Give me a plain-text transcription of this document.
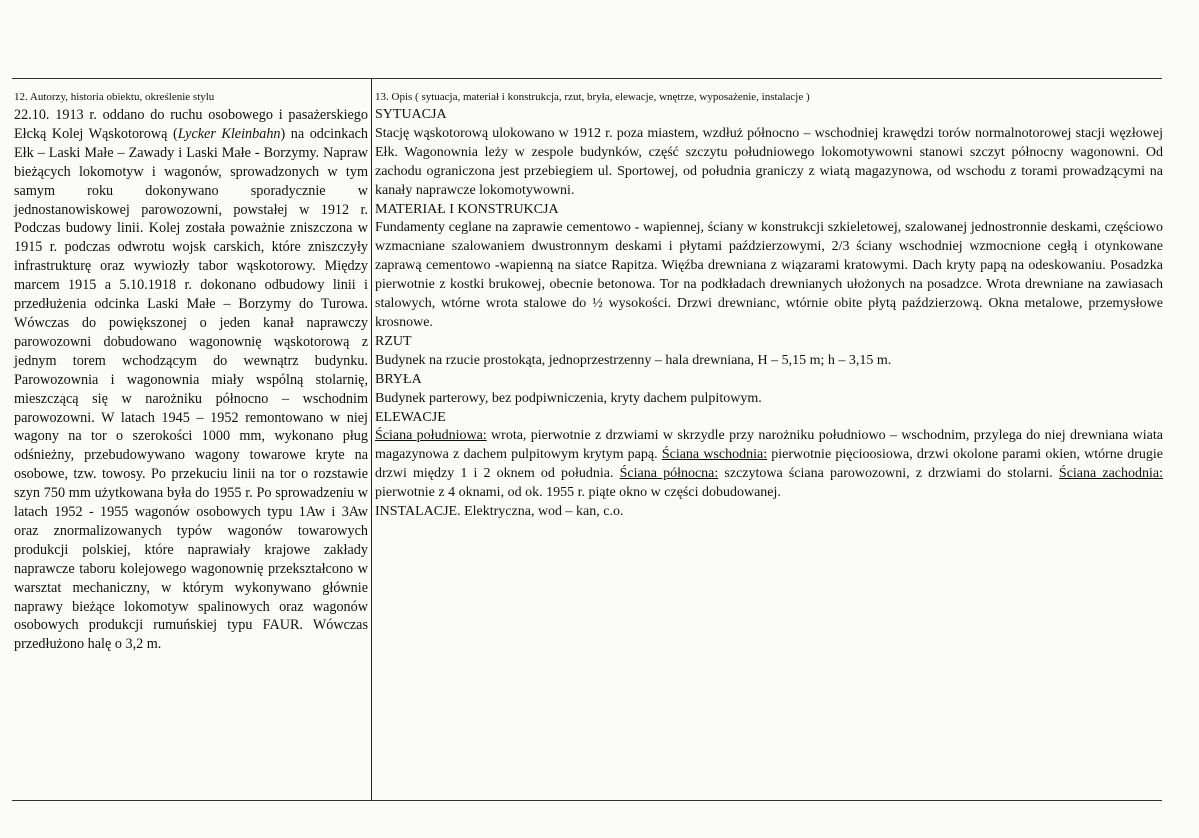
12. Autorzy, historia obiektu, określenie stylu

22.10. 1913 r. oddano do ruchu osobowego i pasażerskiego Ełcką Kolej Wąskotorową (Lycker Kleinbahn) na odcinkach Ełk – Laski Małe – Zawady i Laski Małe - Borzymy. Napraw bieżących lokomotyw i wagonów, sprowadzonych w tym samym roku dokonywano sporadycznie w jednostanowiskowej parowozowni, powstałej w 1912 r. Podczas budowy linii. Kolej została poważnie zniszczona w 1915 r. podczas odwrotu wojsk carskich, które zniszczyły infrastrukturę oraz wywiozły tabor wąskotorowy. Między marcem 1915 a 5.10.1918 r. dokonano odbudowy linii i przedłużenia odcinka Laski Małe – Borzymy do Turowa. Wówczas do powiększonej o jeden kanał naprawczy parowozowni dobudowano wagonownię wąskotorową z jednym torem wchodzącym do wewnątrz budynku. Parowozownia i wagonownia miały wspólną stolarnię, mieszczącą się w narożniku północno – wschodnim parowozowni. W latach 1945 – 1952 remontowano w niej wagony na tor o szerokości 1000 mm, wykonano pług odśnieżny, przebudowywano wagony towarowe kryte na osobowe, tzw. towosy. Po przekuciu linii na tor o rozstawie szyn 750 mm użytkowana była do 1955 r. Po sprowadzeniu w latach 1952 - 1955 wagonów osobowych typu 1Aw i 3Aw oraz znormalizowanych typów wagonów towarowych produkcji polskiej, które naprawiały krajowe zakłady naprawcze taboru kolejowego wagonownię przekształcono w warsztat mechaniczny, w którym wykonywano głównie naprawy bieżące lokomotyw spalinowych oraz wagonów osobowych produkcji rumuńskiej typu FAUR. Wówczas przedłużono halę o 3,2 m.

13. Opis ( sytuacja, materiał i konstrukcja, rzut, bryła, elewacje, wnętrze, wyposażenie, instalacje )

SYTUACJA

Stację wąskotorową ulokowano w 1912 r. poza miastem, wzdłuż północno – wschodniej krawędzi torów normalnotorowej stacji węzłowej Ełk. Wagonownia leży w zespole budynków, część szczytu południowego lokomotywowni stanowi szczyt północny wagonowni. Od zachodu ograniczona jest przebiegiem ul. Sportowej, od południa graniczy z wiatą magazynowa, od wschodu z torami prowadzącymi na kanały naprawcze lokomotywowni.

MATERIAŁ I KONSTRUKCJA

Fundamenty ceglane na zaprawie cementowo - wapiennej, ściany w konstrukcji szkieletowej, szalowanej jednostronnie deskami, częściowo wzmacniane szalowaniem dwustronnym deskami i płytami paździerzowymi, 2/3 ściany wschodniej wzmocnione cegłą i otynkowane zaprawą cementowo -wapienną na siatce Rapitza. Więźba drewniana z wiązarami kratowymi. Dach kryty papą na odeskowaniu. Posadzka pierwotnie z kostki brukowej, obecnie betonowa. Tor na podkładach drewnianych ułożonych na posadzce. Wrota drewniane na zawiasach stalowych, wtórne wrota stalowe do ½ wysokości. Drzwi drewnianc, wtórnie obite płytą paździerzową. Okna metalowe, przemysłowe krosnowe.

RZUT

Budynek na rzucie prostokąta, jednoprzestrzenny – hala drewniana, H – 5,15 m; h – 3,15 m.

BRYŁA

Budynek parterowy, bez podpiwniczenia, kryty dachem pulpitowym.

ELEWACJE

Ściana południowa: wrota, pierwotnie z drzwiami w skrzydle przy narożniku południowo – wschodnim, przylega do niej drewniana wiata magazynowa z dachem pulpitowym krytym papą. Ściana wschodnia: pierwotnie pięcioosiowa, drzwi okolone parami okien, wtórne drugie drzwi między 1 i 2 oknem od południa. Ściana północna: szczytowa ściana parowozowni, z drzwiami do stolarni. Ściana zachodnia: pierwotnie z 4 oknami, od ok. 1955 r. piąte okno w części dobudowanej.

INSTALACJE. Elektryczna, wod – kan, c.o.
